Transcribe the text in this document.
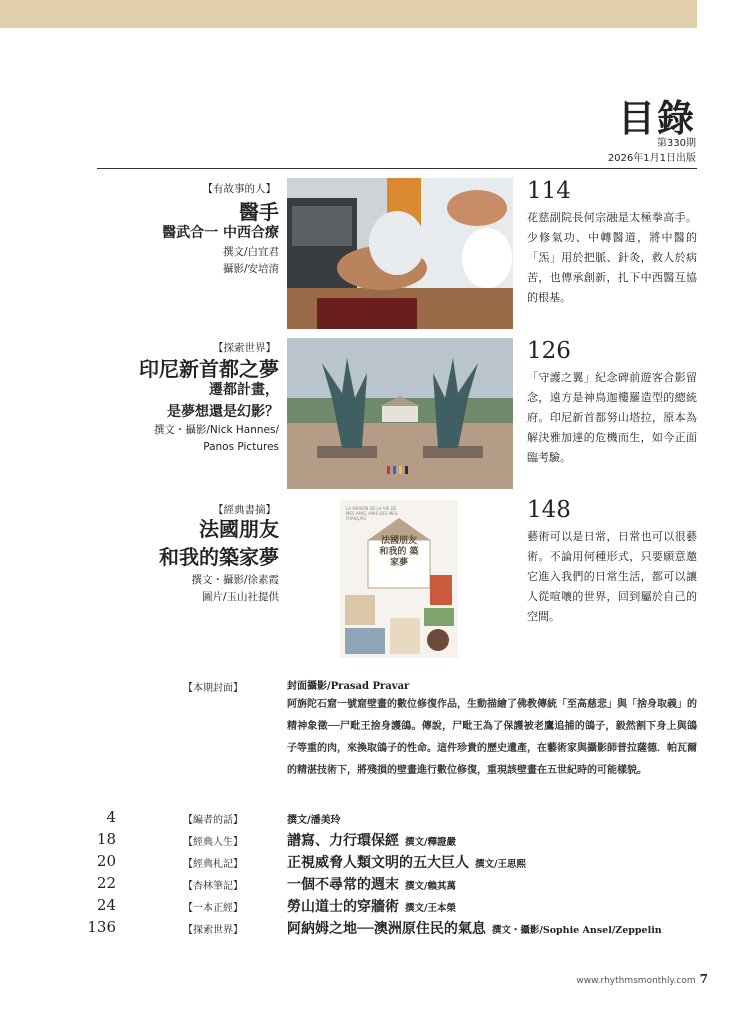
目錄
第330期
2026年1月1日出版
【有故事的人】
醫手
醫武合一 中西合療
撰文/白宜君
攝影/安培淯
114
花慈副院長何宗融是太極拳高手。少修氣功、中轉醫道，將中醫的「炁」用於把脈、針灸，救人於病苦，也傳承創新，扎下中西醫互協的根基。
【探索世界】
印尼新首都之夢
遷都計畫，
是夢想還是幻影？
撰文・攝影/Nick Hannes/
Panos Pictures
126
「守護之翼」紀念碑前遊客合影留念，遠方是神鳥迦樓羅造型的總統府。印尼新首都努山塔拉，原本為解決雅加達的危機而生，如今正面臨考驗。
【經典書摘】
法國朋友
和我的築家夢
撰文・攝影/徐素霞
圖片/玉山社提供
LA MAISON DE LA VIE DE MES AMIS, AMIS DES MES FRANÇAIS
法國朋友 和我的 築家夢
148
藝術可以是日常，日常也可以很藝術。不論用何種形式，只要願意邀它進入我們的日常生活，都可以讓人從喧嚷的世界，回到屬於自己的空間。
【本期封面】	封面攝影/Prasad Pravar
阿旃陀石窟一號窟壁畫的數位修復作品，生動描繪了佛教傳統「至高慈悲」與「捨身取義」的精神象徵──尸毗王捨身護鴿。傳說，尸毗王為了保護被老鷹追捕的鴿子，毅然割下身上與鴿子等重的肉，來換取鴿子的性命。這件珍貴的歷史遺產，在藝術家與攝影師普拉薩德．帕瓦爾的精湛技術下，將殘損的壁畫進行數位修復，重現該壁畫在五世紀時的可能樣貌。
4	【編者的話】	撰文/潘美玲
18	【經典人生】	譜寫、力行環保經 撰文/釋證嚴
20	【經典札記】	正視威脅人類文明的五大巨人 撰文/王思熙
22	【杏林筆記】	一個不尋常的週末 撰文/賴其萬
24	【一本正經】	勞山道士的穿牆術 撰文/王本榮
136	【探索世界】	阿納姆之地──澳洲原住民的氣息 撰文・攝影/Sophie Ansel/Zeppelin
www.rhythmsmonthly.com 7
